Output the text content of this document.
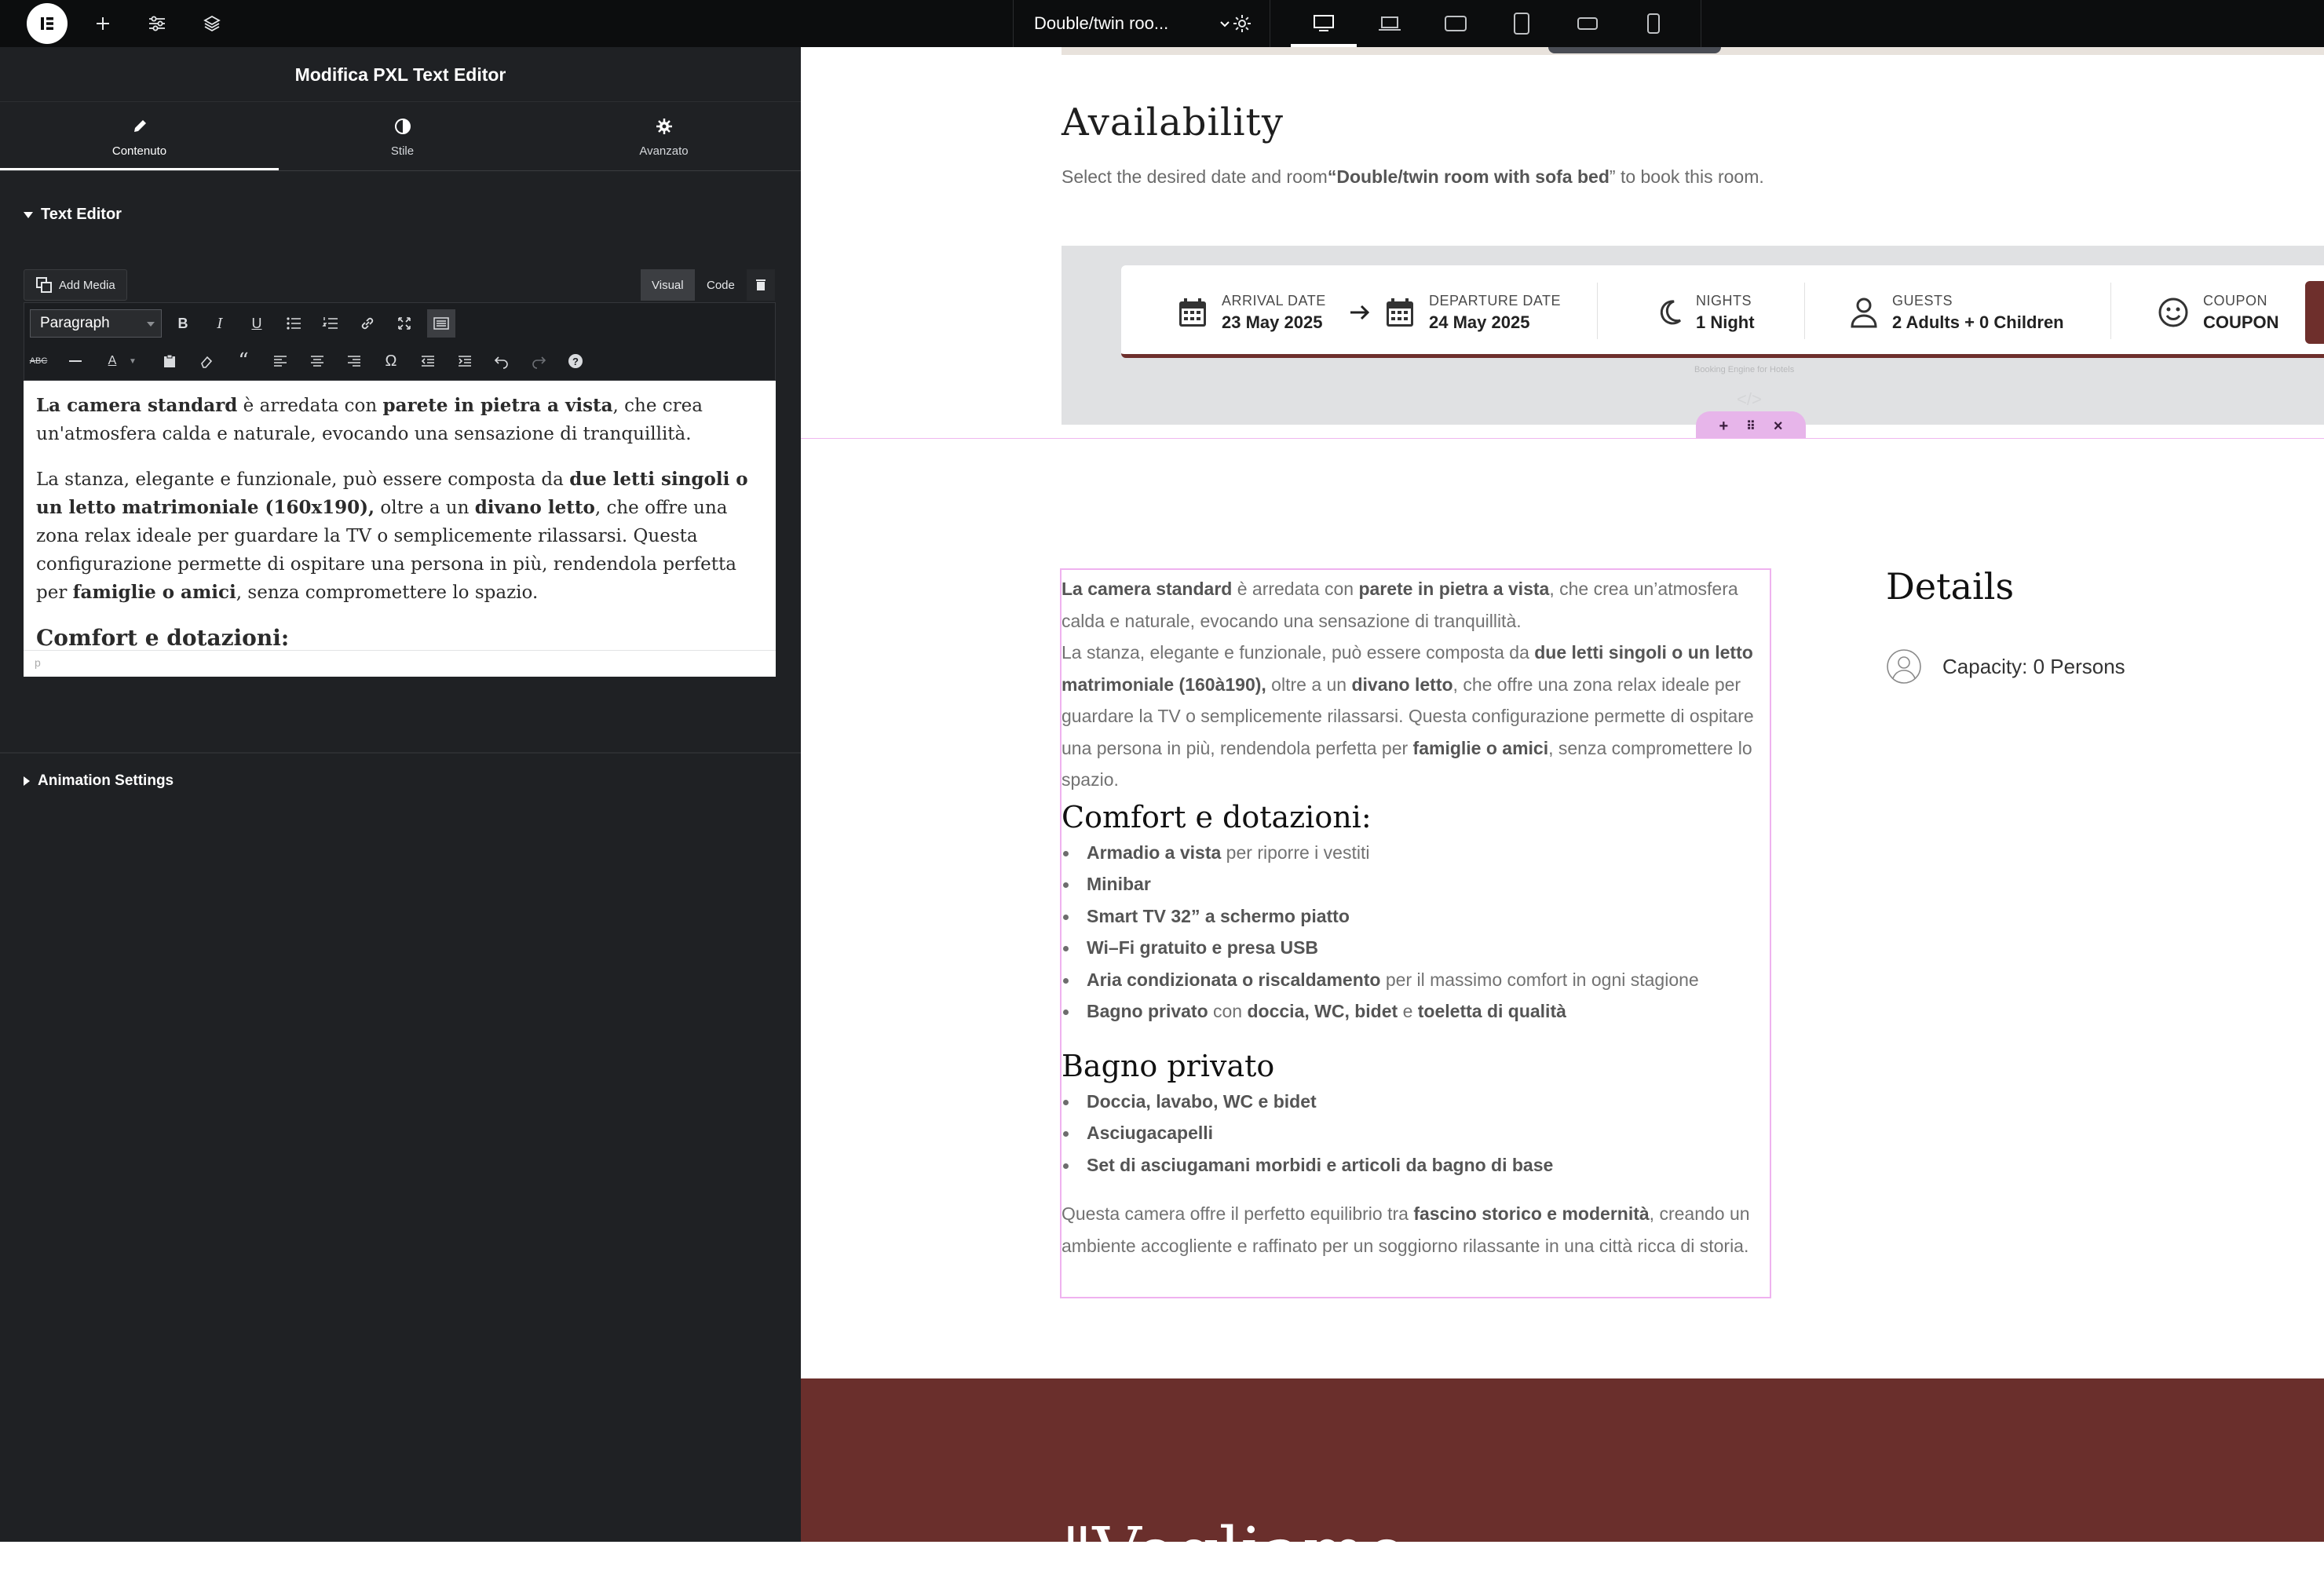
Double/twin roo...
Modifica PXL Text Editor
Contenuto	Stile	Avanzato
Text Editor
Add Media	Visual	Code
Paragraph	B	I	U
ABC	A	▼	“	Ω	?

La camera standard è arredata con parete in pietra a vista, che crea un'atmosfera calda e naturale, evocando una sensazione di tranquillità.

La stanza, elegante e funzionale, può essere composta da due letti singoli o un letto matrimoniale (160x190), oltre a un divano letto, che offre una zona relax ideale per guardare la TV o semplicemente rilassarsi. Questa configurazione permette di ospitare una persona in più, rendendola perfetta per famiglie o amici, senza compromettere lo spazio.

Comfort e dotazioni:
p
Animation Settings
Availability
Select the desired date and room“Double/twin room with sofa bed” to book this room.
ARRIVAL DATE
23 May 2025
DEPARTURE DATE
24 May 2025
NIGHTS
1 Night
GUESTS
2 Adults + 0 Children
COUPON
COUPON
Booking Engine for Hotels
</>
+ ⠿ ×
La camera standard è arredata con parete in pietra a vista, che crea un’atmosfera calda e naturale, evocando una sensazione di tranquillità.
La stanza, elegante e funzionale, può essere composta da due letti singoli o un letto matrimoniale (160à190), oltre a un divano letto, che offre una zona relax ideale per guardare la TV o semplicemente rilassarsi. Questa configurazione permette di ospitare una persona in più, rendendola perfetta per famiglie o amici, senza compromettere lo spazio.
Comfort e dotazioni:
Armadio a vista per riporre i vestiti
Minibar
Smart TV 32” a schermo piatto
Wi–Fi gratuito e presa USB
Aria condizionata o riscaldamento per il massimo comfort in ogni stagione
Bagno privato con doccia, WC, bidet e toeletta di qualità
Bagno privato
Doccia, lavabo, WC e bidet
Asciugacapelli
Set di asciugamani morbidi e articoli da bagno di base
Questa camera offre il perfetto equilibrio tra fascino storico e modernità, creando un ambiente accogliente e raffinato per un soggiorno rilassante in una città ricca di storia.
Details
Capacity: 0 Persons
"Vogliamo …
